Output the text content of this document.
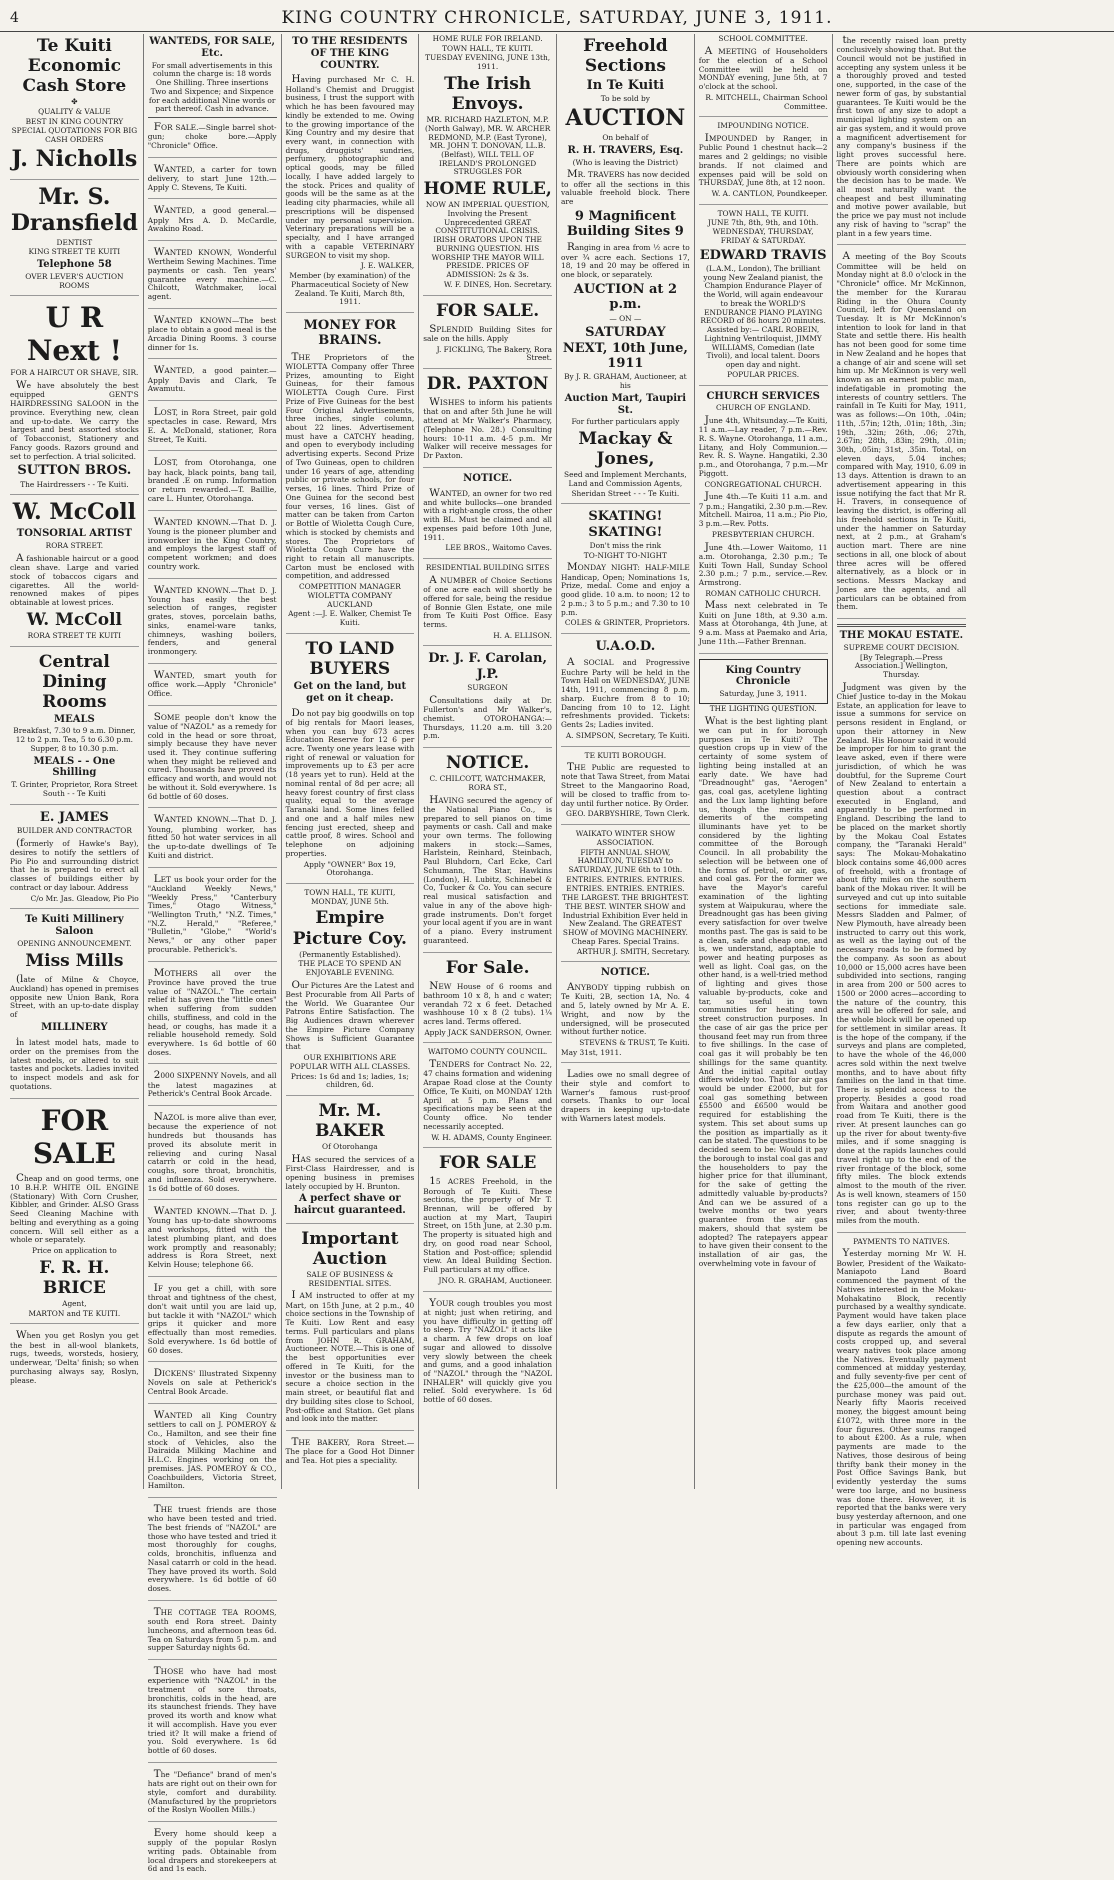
4	KING COUNTRY CHRONICLE, SATURDAY, JUNE 3, 1911.
Te Kuiti Economic Cash Store
✤
QUALITY & VALUE
BEST IN KING COUNTRY
SPECIAL QUOTATIONS FOR BIG CASH ORDERS
J. Nicholls
Mr. S. Dransfield
DENTIST
KING STREET TE KUITI
Telephone 58
OVER LEVER'S AUCTION ROOMS
U R Next !
FOR A HAIRCUT OR SHAVE, SIR.

We have absolutely the best equipped GENT'S HAIRDRESSING SALOON in the province. Everything new, clean and up-to-date. We carry the largest and best assorted stocks of Tobacconist, Stationery and Fancy goods. Razors ground and set to perfection. A trial solicited.

SUTTON BROS.
The Hairdressers - - Te Kuiti.
W. McColl
TONSORIAL ARTIST
RORA STREET.

A fashionable haircut or a good clean shave. Large and varied stock of tobaccos cigars and cigarettes. All the world-renowned makes of pipes obtainable at lowest prices.

W. McColl
RORA STREET TE KUITI
Central Dining Rooms
MEALS
Breakfast, 7.30 to 9 a.m. Dinner, 12 to 2 p.m. Tea, 5 to 6.30 p.m. Supper, 8 to 10.30 p.m.
MEALS - - One Shilling
T. Grinter, Proprietor, Rora Street South - - Te Kuiti
E. JAMES
BUILDER AND CONTRACTOR

(formerly of Hawke's Bay), desires to notify the settlers of Pio Pio and surrounding district that he is prepared to erect all classes of buildings either by contract or day labour. Address

C/o Mr. Jas. Gleadow, Pio Pio
Te Kuiti Millinery Saloon
OPENING ANNOUNCEMENT.
Miss Mills

(late of Milne & Choyce, Auckland) has opened in premises opposite new Union Bank, Rora Street, with an up-to-date display of

MILLINERY

in latest model hats, made to order on the premises from the latest models, or altered to suit tastes and pockets. Ladies invited to inspect models and ask for quotations.

FOR SALE

Cheap and on good terms, one 10 B.H.P. WHITE OIL ENGINE (Stationary) With Corn Crusher, Kibbler, and Grinder. ALSO Grass Seed Cleaning Machine with belting and everything as a going concern. Will sell either as a whole or separately.

Price on application to
F. R. H. BRICE
Agent,
MARTON and TE KUITI.

When you get Roslyn you get the best in all-wool blankets, rugs, tweeds, worsteds, hosiery, underwear, 'Delta' finish; so when purchasing always say, Roslyn, please.

WANTEDS, FOR SALE, Etc.
For small advertisements in this column the charge is: 18 words One Shilling. Three insertions Two and Sixpence; and Sixpence for each additional Nine words or part thereof. Cash in advance.

FOR SALE.—Single barrel shot-gun; choke bore.—Apply "Chronicle" Office.

WANTED, a carter for town delivery, to start June 12th.—Apply C. Stevens, Te Kuiti.

WANTED, a good general.—Apply Mrs A. D. McCardle, Awakino Road.

WANTED KNOWN, Wonderful Wertheim Sewing Machines. Time payments or cash. Ten years' guarantee every machine.—C. Chilcott, Watchmaker, local agent.

WANTED KNOWN—The best place to obtain a good meal is the Arcadia Dining Rooms. 3 course dinner for 1s.

WANTED, a good painter.—Apply Davis and Clark, Te Awamutu.

LOST, in Rora Street, pair gold spectacles in case. Reward, Mrs E. A. McDonald, stationer, Rora Street, Te Kuiti.

LOST, from Otorohanga, one bay hack, black points, bang tail, branded .E on rump. Information or return rewarded.—T. Baillie, care L. Hunter, Otorohanga.

WANTED KNOWN.—That D. J. Young is the pioneer plumber and ironworker in the King Country, and employs the largest staff of competent workmen; and does country work.

WANTED KNOWN.—That D. J. Young has easily the best selection of ranges, register grates, stoves, porcelain baths, sinks, enamel-ware tanks, chimneys, washing boilers, fenders, and general ironmongery.

WANTED, smart youth for office work.—Apply "Chronicle" Office.

SOME people don't know the value of "NAZOL" as a remedy for cold in the head or sore throat, simply because they have never used it. They continue suffering when they might be relieved and cured. Thousands have proved its efficacy and worth, and would not be without it. Sold everywhere. 1s 6d bottle of 60 doses.

WANTED KNOWN.—That D. J. Young, plumbing worker, has fitted 50 hot water services in all the up-to-date dwellings of Te Kuiti and district.

LET us book your order for the "Auckland Weekly News," "Weekly Press," "Canterbury Times," Otago Witness," "Wellington Truth," "N.Z. Times," "N.Z. Herald," "Referee," "Bulletin," "Globe," "World's News," or any other paper procurable. Petherick's.

MOTHERS all over the Province have proved the true value of "NAZOL." The certain relief it has given the "little ones" when suffering from sudden chills, stuffiness, and cold in the head, or coughs, has made it a reliable household remedy. Sold everywhere. 1s 6d bottle of 60 doses.

2000 SIXPENNY Novels, and all the latest magazines at Petherick's Central Book Arcade.

NAZOL is more alive than ever, because the experience of not hundreds but thousands has proved its absolute merit in relieving and curing Nasal catarrh or cold in the head, coughs, sore throat, bronchitis, and influenza. Sold everywhere. 1s 6d bottle of 60 doses.

WANTED KNOWN.—That D. J. Young has up-to-date showrooms and workshops, fitted with the latest plumbing plant, and does work promptly and reasonably; address is Rora Street, next Kelvin House; telephone 66.

IF you get a chill, with sore throat and tightness of the chest, don't wait until you are laid up, but tackle it with "NAZOL" which grips it quicker and more effectually than most remedies. Sold everywhere. 1s 6d bottle of 60 doses.

DICKENS' Illustrated Sixpenny Novels on sale at Petherick's Central Book Arcade.

WANTED all King Country settlers to call on J. POMEROY & Co., Hamilton, and see their fine stock of Vehicles, also the Dairaida Milking Machine and H.L.C. Engines working on the premises. JAS. POMEROY & CO., Coachbuilders, Victoria Street, Hamilton.

THE truest friends are those who have been tested and tried. The best friends of "NAZOL" are those who have tested and tried it most thoroughly for coughs, colds, bronchitis, influenza and Nasal catarrh or cold in the head. They have proved its worth. Sold everywhere. 1s 6d bottle of 60 doses.

THE COTTAGE TEA ROOMS, south end Rora street. Dainty luncheons, and afternoon teas 6d. Tea on Saturdays from 5 p.m. and supper Saturday nights 6d.

THOSE who have had most experience with "NAZOL" in the treatment of sore throats, bronchitis, colds in the head, are its staunchest friends. They have proved its worth and know what it will accomplish. Have you ever tried it? It will make a friend of you. Sold everywhere. 1s 6d bottle of 60 doses.

The "Defiance" brand of men's hats are right out on their own for style, comfort and durability. (Manufactured by the proprietors of the Roslyn Woollen Mills.)

Every home should keep a supply of the popular Roslyn writing pads. Obtainable from local drapers and storekeepers at 6d and 1s each.

TO THE RESIDENTS OF THE KING COUNTRY.

Having purchased Mr C. H. Holland's Chemist and Druggist business, I trust the support with which he has been favoured may kindly be extended to me. Owing to the growing importance of the King Country and my desire that every want, in connection with drugs, druggists' sundries, perfumery, photographic and optical goods, may be filled locally, I have added largely to the stock. Prices and quality of goods will be the same as at the leading city pharmacies, while all prescriptions will be dispensed under my personal supervision. Veterinary preparations will be a specialty, and I have arranged with a capable VETERINARY SURGEON to visit my shop.

J. E. WALKER,
Member (by examination) of the Pharmaceutical Society of New Zealand. Te Kuiti, March 8th, 1911.
MONEY FOR BRAINS.

THE Proprietors of the WIOLETTA Company offer Three Prizes, amounting to Eight Guineas, for their famous WIOLETTA Cough Cure. First Prize of Five Guineas for the best Four Original Advertisements, three inches, single column, about 22 lines. Advertisement must have a CATCHY heading, and open to everybody including advertising experts. Second Prize of Two Guineas, open to children under 16 years of age, attending public or private schools, for four verses, 16 lines. Third Prize of One Guinea for the second best four verses, 16 lines. Gist of matter can be taken from Carton or Bottle of Wioletta Cough Cure, which is stocked by chemists and stores. The Proprietors of Wioletta Cough Cure have the right to retain all manuscripts. Carton must be enclosed with competition, and addressed

COMPETITION MANAGER WIOLETTA COMPANY AUCKLAND
Agent :—J. E. Walker, Chemist Te Kuiti.
TO LAND BUYERS
Get on the land, but get on it cheap.

Do not pay big goodwills on top of big rentals for Maori leases, when you can buy 673 acres Education Reserve for 12 6 per acre. Twenty one years lease with right of renewal or valuation for improvements up to £3 per acre (18 years yet to run). Held at the nominal rental of 8d per acre; all heavy forest country of first class quality, equal to the average Taranaki land. Some lines felled and one and a half miles new fencing just erected, sheep and cattle proof, 8 wires. School and telephone on adjoining properties.

Apply "OWNER" Box 19, Otorohanga.
TOWN HALL, TE KUITI, MONDAY, JUNE 5th.
Empire Picture Coy.
(Permanently Established).
THE PLACE TO SPEND AN ENJOYABLE EVENING.

Our Pictures Are the Latest and Best Procurable from All Parts of the World. We Guarantee Our Patrons Entire Satisfaction. The Big Audiences drawn wherever the Empire Picture Company Shows is Sufficient Guarantee that

OUR EXHIBITIONS ARE POPULAR WITH ALL CLASSES.
Prices: 1s 6d and 1s; ladies, 1s; children, 6d.
Mr. M. BAKER
Of Otorohanga

HAS secured the services of a First-Class Hairdresser, and is opening business in premises lately occupied by H. Brunton.

A perfect shave or haircut guaranteed.
Important Auction
SALE OF BUSINESS & RESIDENTIAL SITES.

I AM instructed to offer at my Mart, on 15th June, at 2 p.m., 40 choice sections in the Township of Te Kuiti. Low Rent and easy terms. Full particulars and plans from JOHN R. GRAHAM, Auctioneer. NOTE.—This is one of the best opportunities ever offered in Te Kuiti, for the investor or the business man to secure a choice section in the main street, or beautiful flat and dry building sites close to School, Post-office and Station. Get plans and look into the matter.

THE BAKERY, Rora Street.—The place for a Good Hot Dinner and Tea. Hot pies a speciality.

HOME RULE FOR IRELAND.
TOWN HALL, TE KUITI.
TUESDAY EVENING, JUNE 13th, 1911.
The Irish Envoys.
MR. RICHARD HAZLETON, M.P. (North Galway), MR. W. ARCHER REDMOND, M.P. (East Tyrone), MR. JOHN T. DONOVAN, LL.B. (Belfast), WILL TELL OF IRELAND'S PROLONGED STRUGGLES FOR
HOME RULE,
NOW AN IMPERIAL QUESTION, Involving the Present Unprecedented GREAT CONSTITUTIONAL CRISIS. IRISH ORATORS UPON THE BURNING QUESTION. HIS WORSHIP THE MAYOR WILL PRESIDE. PRICES OF ADMISSION: 2s & 3s.
W. F. DINES, Hon. Secretary.
FOR SALE.

SPLENDID Building Sites for sale on the hills. Apply

J. FICKLING, The Bakery, Rora Street.
DR. PAXTON

WISHES to inform his patients that on and after 5th June he will attend at Mr Walker's Pharmacy, (Telephone No. 28.) Consulting hours: 10-11 a.m. 4-5 p.m. Mr Walker will receive messages for Dr Paxton.

NOTICE.

WANTED, an owner for two red and white bullocks—one branded with a right-angle cross, the other with BL. Must be claimed and all expenses paid before 10th June, 1911.

LEE BROS., Waitomo Caves.
RESIDENTIAL BUILDING SITES

A NUMBER of Choice Sections of one acre each will shortly be offered for sale, being the residue of Bonnie Glen Estate, one mile from Te Kuiti Post Office. Easy terms.

H. A. ELLISON.
Dr. J. F. Carolan, J.P.
SURGEON

Consultations daily at Dr. Fullerton's and Mr Walker's, chemist. OTOROHANGA:—Thursdays, 11.20 a.m. till 3.20 p.m.

NOTICE.
C. CHILCOTT, WATCHMAKER, RORA ST.,

HAVING secured the agency of the National Piano Co., is prepared to sell pianos on time payments or cash. Call and make your own terms. The following makers in stock:—Sames, Harlstein, Reinhard, Steinbach, Paul Bluhdorn, Carl Ecke, Carl Schumann, The Star, Hawkins (London), H. Lubitz, Schinebel & Co, Tucker & Co. You can secure real musical satisfaction and value in any of the above high-grade instruments. Don't forget your local agent if you are in want of a piano. Every instrument guaranteed.

For Sale.

NEW House of 6 rooms and bathroom 10 x 8, h and c water; verandah 72 x 6 feet. Detached washhouse 10 x 8 (2 tubs). 1¼ acres land. Terms offered.

Apply JACK SANDERSON, Owner.
WAITOMO COUNTY COUNCIL.

TENDERS for Contract No. 22, 47 chains formation and widening Arapae Road close at the County Office, Te Kuiti, on MONDAY 12th April at 5 p.m. Plans and specifications may be seen at the County office. No tender necessarily accepted.

W. H. ADAMS, County Engineer.
FOR SALE

15 ACRES Freehold, in the Borough of Te Kuiti. These sections, the property of Mr T. Brennan, will be offered by auction at my Mart, Taupiri Street, on 15th June, at 2.30 p.m. The property is situated high and dry, on good road near School, Station and Post-office; splendid view. An Ideal Building Section. Full particulars at my office.

JNO. R. GRAHAM, Auctioneer.

YOUR cough troubles you most at night; just when retiring, and you have difficulty in getting off to sleep. Try "NAZOL" it acts like a charm. A few drops on loaf sugar and allowed to dissolve very slowly between the cheek and gums, and a good inhalation of "NAZOL" through the "NAZOL INHALER" will quickly give you relief. Sold everywhere. 1s 6d bottle of 60 doses.

Freehold Sections
In Te Kuiti
To be sold by
AUCTION
On behalf of
R. H. TRAVERS, Esq.
(Who is leaving the District)

MR. TRAVERS has now decided to offer all the sections in this valuable freehold block. There are

9 Magnificent Building Sites 9

Ranging in area from ½ acre to over ¾ acre each. Sections 17, 18, 19 and 20 may be offered in one block, or separately.

AUCTION at 2 p.m.
— ON —
SATURDAY NEXT, 10th June, 1911
By J. R. GRAHAM, Auctioneer, at his
Auction Mart, Taupiri St.
For further particulars apply
Mackay & Jones,
Seed and Implement Merchants, Land and Commission Agents,
Sheridan Street - - - Te Kuiti.
SKATING! SKATING!
Don't miss the rink
TO-NIGHT TO-NIGHT

MONDAY NIGHT: HALF-MILE Handicap, Open; Nominations 1s, Prize, medal. Come and enjoy a good glide. 10 a.m. to noon; 12 to 2 p.m.; 3 to 5 p.m.; and 7.30 to 10 p.m.

COLES & GRINTER, Proprietors.
U.A.O.D.

A SOCIAL and Progressive Euchre Party will be held in the Town Hall on WEDNESDAY, JUNE 14th, 1911, commencing 8 p.m. sharp. Euchre from 8 to 10; Dancing from 10 to 12. Light refreshments provided. Tickets: Gents 2s; Ladies invited.

A. SIMPSON, Secretary, Te Kuiti.
TE KUITI BOROUGH.

THE Public are requested to note that Tawa Street, from Matai Street to the Mangaorino Road, will be closed to traffic from to-day until further notice. By Order.

GEO. DARBYSHIRE, Town Clerk.
WAIKATO WINTER SHOW ASSOCIATION.
FIFTH ANNUAL SHOW, HAMILTON, TUESDAY to SATURDAY, JUNE 6th to 10th.
ENTRIES. ENTRIES. ENTRIES. ENTRIES. ENTRIES. ENTRIES.
THE LARGEST. THE BRIGHTEST. THE BEST. WINTER SHOW and Industrial Exhibition Ever held in New Zealand. The GREATEST SHOW of MOVING MACHINERY. Cheap Fares. Special Trains.
ARTHUR J. SMITH, Secretary.
NOTICE.

ANYBODY tipping rubbish on Te Kuiti, 2B, section 1A, No. 4 and 5, lately owned by Mr A. E. Wright, and now by the undersigned, will be prosecuted without further notice.

STEVENS & TRUST, Te Kuiti.
May 31st, 1911.

Ladies owe no small degree of their style and comfort to Warner's famous rust-proof corsets. Thanks to our local drapers in keeping up-to-date with Warners latest models.

SCHOOL COMMITTEE.

A MEETING of Householders for the election of a School Committee will be held on MONDAY evening, June 5th, at 7 o'clock at the school.

R. MITCHELL, Chairman School Committee.
IMPOUNDING NOTICE.

IMPOUNDED by Ranger, in Public Pound 1 chestnut hack—2 mares and 2 geldings; no visible brands. If not claimed and expenses paid will be sold on THURSDAY, June 8th, at 12 noon.

W. A. CANTLON, Poundkeeper.
TOWN HALL, TE KUITI.
JUNE 7th, 8th, 9th, and 10th. WEDNESDAY, THURSDAY, FRIDAY & SATURDAY.
EDWARD TRAVIS
(L.A.M., London), The brilliant young New Zealand pianist, the Champion Endurance Player of the World, will again endeavour to break the WORLD'S ENDURANCE PIANO PLAYING RECORD of 86 hours 20 minutes. Assisted by:— CARL ROBEIN, Lightning Ventriloquist, JIMMY WILLIAMS, Comedian (late Tivoli), and local talent. Doors open day and night.
POPULAR PRICES.
CHURCH SERVICES
CHURCH OF ENGLAND.

June 4th, Whitsunday.—Te Kuiti, 11 a.m.—Lay reader, 7 p.m.—Rev. R. S. Wayne. Otorohanga, 11 a.m., Litany, and Holy Communion.—Rev. R. S. Wayne. Hangatiki, 2.30 p.m., and Otorohanga, 7 p.m.—Mr Piggott.

CONGREGATIONAL CHURCH.

June 4th.—Te Kuiti 11 a.m. and 7 p.m.; Hangatiki, 2.30 p.m.—Rev. Mitchell. Mairoa, 11 a.m.; Pio Pio, 3 p.m.—Rev. Potts.

PRESBYTERIAN CHURCH.

June 4th.—Lower Waitomo, 11 a.m. Otorohanga, 2.30 p.m.; Te Kuiti Town Hall, Sunday School 2.30 p.m.; 7 p.m., service.—Rev. Armstrong.

ROMAN CATHOLIC CHURCH.

Mass next celebrated in Te Kuiti on June 18th, at 9.30 a.m. Mass at Otorohanga, 4th June, at 9 a.m. Mass at Paemako and Aria, June 11th.—Father Brennan.

King Country Chronicle
Saturday, June 3, 1911.
THE LIGHTING QUESTION.

What is the best lighting plant we can put in for borough purposes in Te Kuiti? The question crops up in view of the certainty of some system of lighting being installed at an early date. We have had "Dreadnought" gas, "Aerogen" gas, coal gas, acetylene lighting and the Lux lamp lighting before us, though the merits and demerits of the competing illuminants have yet to be considered by the lighting committee of the Borough Council. In all probability the selection will be between one of the forms of petrol, or air, gas, and coal gas. For the former we have the Mayor's careful examination of the lighting system at Waipukurau, where the Dreadnought gas has been giving every satisfaction for over twelve months past. The gas is said to be a clean, safe and cheap one, and is, we understand, adaptable to power and heating purposes as well as light. Coal gas, on the other hand, is a well-tried method of lighting and gives those valuable by-products, coke and tar, so useful in town communities for heating and street construction purposes. In the case of air gas the price per thousand feet may run from three to five shillings. In the case of coal gas it will probably be ten shillings for the same quantity. And the initial capital outlay differs widely too. That for air gas would be under £2000, but for coal gas something between £5500 and £6500 would be required for establishing the system. This set about sums up the position as impartially as it can be stated. The questions to be decided seem to be: Would it pay the borough to instal coal gas and the householders to pay the higher price for that illuminant, for the sake of getting the admittedly valuable by-products? And can we be assured of a twelve months or two years guarantee from the air gas makers, should that system be adopted? The ratepayers appear to have given their consent to the installation of air gas, the overwhelming vote in favour of

the recently raised loan pretty conclusively showing that. But the Council would not be justified in accepting any system unless it be a thoroughly proved and tested one, supported, in the case of the newer form of gas, by substantial guarantees. Te Kuiti would be the first town of any size to adopt a municipal lighting system on an air gas system, and it would prove a magnificent advertisement for any company's business if the light proves successful here. There are points which are obviously worth considering when the decision has to be made. We all most naturally want the cheapest and best illuminating and motive power available, but the price we pay must not include any risk of having to "scrap" the plant in a few years time.

A meeting of the Boy Scouts Committee will be held on Monday night at 8.0 o'clock in the "Chronicle" office. Mr McKinnon, the member for the Kurarau Riding in the Ohura County Council, left for Queensland on Tuesday. It is Mr McKinnon's intention to look for land in that State and settle there. His health has not been good for some time in New Zealand and he hopes that a change of air and scene will set him up. Mr McKinnon is very well known as an earnest public man, indefatigable in promoting the interests of country settlers. The rainfall in Te Kuiti for May, 1911, was as follows:—On 10th, .04in; 11th, .57in; 12th, .01in; 18th, .3in; 19th, .32in; 26th, .06; 27th, 2.67in; 28th, .83in; 29th, .01in; 30th, .05in; 31st, .35in. Total, on eleven days, 5.04 inches; compared with May, 1910, 6.09 in 13 days. Attention is drawn to an advertisement appearing in this issue notifying the fact that Mr R. H. Travers, in consequence of leaving the district, is offering all his freehold sections in Te Kuiti, under the hammer on Saturday next, at 2 p.m., at Graham's auction mart. There are nine sections in all, one block of about three acres will be offered alternatively, as a block or in sections. Messrs Mackay and Jones are the agents, and all particulars can be obtained from them.

THE MOKAU ESTATE.
SUPREME COURT DECISION.
[By Telegraph.—Press Association.] Wellington, Thursday.

Judgment was given by the Chief Justice to-day in the Mokau Estate, an application for leave to issue a summons for service on persons resident in England, or upon their attorney in New Zealand. His Honour said it would be improper for him to grant the leave asked, even if there were jurisdiction, of which he was doubtful, for the Supreme Court of New Zealand to entertain a question about a contract executed in England, and apparently to be performed in England. Describing the land to be placed on the market shortly by the Mokau Coal Estates company, the "Taranaki Herald" says: The Mokau-Mohakatino block contains some 46,000 acres of freehold, with a frontage of about fifty miles on the southern bank of the Mokau river. It will be surveyed and cut up into suitable sections for immediate sale. Messrs Sladden and Palmer, of New Plymouth, have already been instructed to carry out this work, as well as the laying out of the necessary roads to be formed by the company. As soon as about 10,000 or 15,000 acres have been subdivided into sections, ranging in area from 200 or 500 acres to 1500 or 2000 acres—according to the nature of the country, this area will be offered for sale, and the whole block will be opened up for settlement in similar areas. It is the hope of the company, if the surveys and plans are completed, to have the whole of the 46,000 acres sold within the next twelve months, and to have about fifty families on the land in that time. There is splendid access to the property. Besides a good road from Waitara and another good road from Te Kuiti, there is the river. At present launches can go up the river for about twenty-five miles, and if some snagging is done at the rapids launches could travel right up to the end of the river frontage of the block, some fifty miles. The block extends almost to the mouth of the river. As is well known, steamers of 150 tons register can go up to the river, and about twenty-three miles from the mouth.

PAYMENTS TO NATIVES.

Yesterday morning Mr W. H. Bowler, President of the Waikato-Maniapoto Land Board commenced the payment of the Natives interested in the Mokau-Mohakatino Block, recently purchased by a wealthy syndicate. Payment would have taken place a few days earlier, only that a dispute as regards the amount of costs cropped up, and several weary natives took place among the Natives. Eventually payment commenced at midday yesterday, and fully seventy-five per cent of the £25,000—the amount of the purchase money was paid out. Nearly fifty Maoris received money, the biggest amount being £1072, with three more in the four figures. Other sums ranged to about £200. As a rule, when payments are made to the Natives, those desirous of being thrifty bank their money in the Post Office Savings Bank, but evidently yesterday the sums were too large, and no business was done there. However, it is reported that the banks were very busy yesterday afternoon, and one in particular was engaged from about 3 p.m. till late last evening opening new accounts.
